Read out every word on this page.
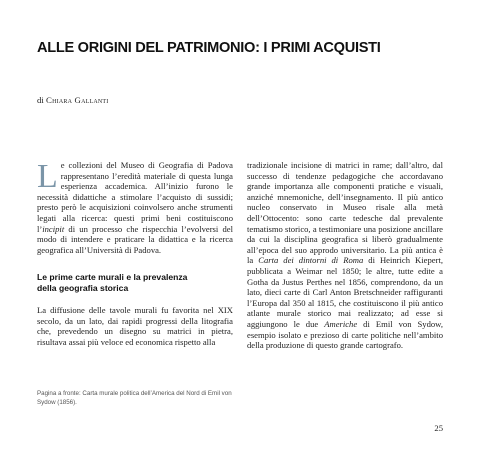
ALLE ORIGINI DEL PATRIMONIO: I PRIMI ACQUISTI
di Chiara Gallanti

Le collezioni del Museo di Geografia di Padova rappresentano l’eredità materiale di questa lunga esperienza accademica. All’inizio furono le necessità didattiche a stimolare l’acquisto di sussidi; presto però le acquisizioni coinvolsero anche strumenti legati alla ricerca: questi primi beni costituiscono l’incipit di un processo che rispecchia l’evolversi del modo di intendere e praticare la didattica e la ricerca geografica all’Università di Padova.

Le prime carte murali e la prevalenza
della geografia storica

La diffusione delle tavole murali fu favorita nel XIX secolo, da un lato, dai rapidi progressi della litografia che, prevedendo un disegno su matrici in pietra, risultava assai più veloce ed economica rispetto alla

tradizionale incisione di matrici in rame; dall’altro, dal successo di tendenze pedagogiche che accordavano grande importanza alle componenti pratiche e visuali, anziché mnemoniche, dell’insegnamento. Il più antico nucleo conservato in Museo risale alla metà dell’Ottocento: sono carte tedesche dal prevalente tematismo storico, a testimoniare una posizione ancillare da cui la disciplina geografica si liberò gradualmente all’epoca del suo approdo universitario. La più antica è la Carta dei dintorni di Roma di Heinrich Kiepert, pubblicata a Weimar nel 1850; le altre, tutte edite a Gotha da Justus Perthes nel 1856, comprendono, da un lato, dieci carte di Carl Anton Bretschneider raffiguranti l’Europa dal 350 al 1815, che costituiscono il più antico atlante murale storico mai realizzato; ad esse si aggiungono le due Americhe di Emil von Sydow, esempio isolato e prezioso di carte politiche nell’ambito della produzione di questo grande cartografo.

Pagina a fronte: Carta murale politica dell’America del Nord di Emil von Sydow (1856).
25
